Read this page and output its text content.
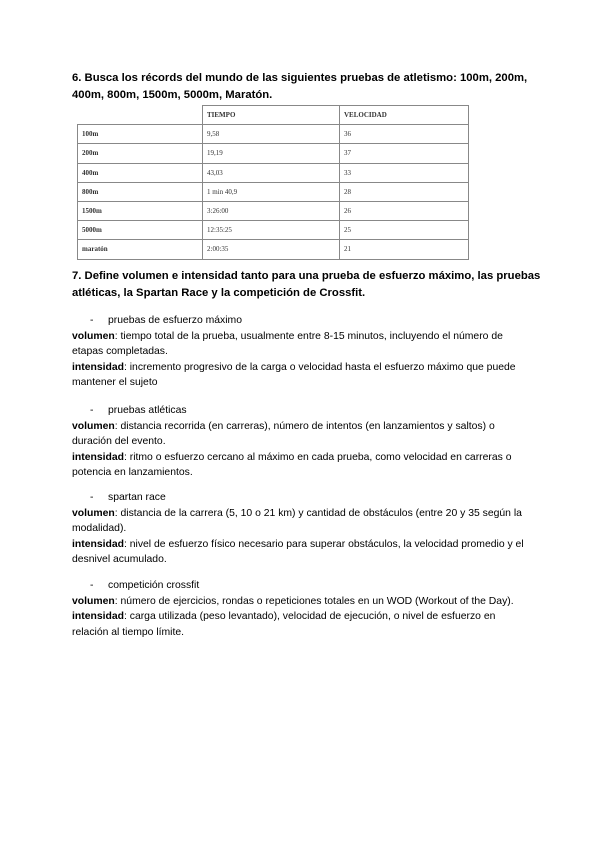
6. Busca los récords del mundo de las siguientes pruebas de atletismo: 100m, 200m, 400m, 800m, 1500m, 5000m, Maratón.
	TIEMPO	VELOCIDAD
100m	9,58	36
200m	19,19	37
400m	43,03	33
800m	1 min 40,9	28
1500m	3:26:00	26
5000m	12:35:25	25
maratón	2:00:35	21
7. Define volumen e intensidad tanto para una prueba de esfuerzo máximo, las pruebas atléticas, la Spartan Race y la competición de Crossfit.
- pruebas de esfuerzo máximo
volumen: tiempo total de la prueba, usualmente entre 8-15 minutos, incluyendo el número de etapas completadas.
intensidad: incremento progresivo de la carga o velocidad hasta el esfuerzo máximo que puede mantener el sujeto
- pruebas atléticas
volumen: distancia recorrida (en carreras), número de intentos (en lanzamientos y saltos) o duración del evento.
intensidad: ritmo o esfuerzo cercano al máximo en cada prueba, como velocidad en carreras o potencia en lanzamientos.
- spartan race
volumen: distancia de la carrera (5, 10 o 21 km) y cantidad de obstáculos (entre 20 y 35 según la modalidad).
intensidad: nivel de esfuerzo físico necesario para superar obstáculos, la velocidad promedio y el desnivel acumulado.
- competición crossfit
volumen: número de ejercicios, rondas o repeticiones totales en un WOD (Workout of the Day).
intensidad: carga utilizada (peso levantado), velocidad de ejecución, o nivel de esfuerzo en relación al tiempo límite.
